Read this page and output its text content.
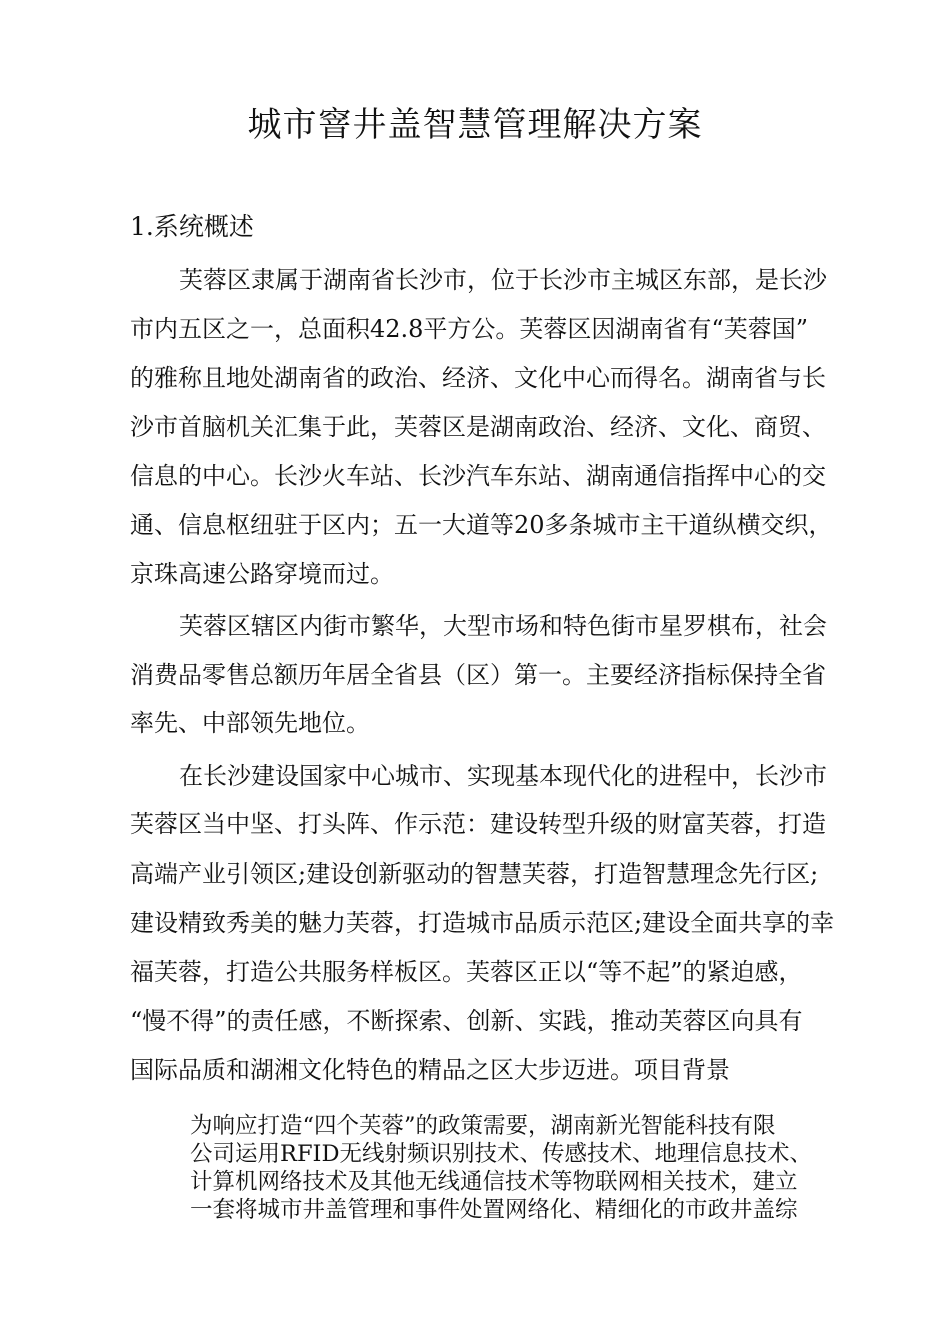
城市窨井盖智慧管理解决方案
1.系统概述
芙蓉区隶属于湖南省长沙市，位于长沙市主城区东部，是长沙
市内五区之一，总面积42.8平方公。芙蓉区因湖南省有“芙蓉国”
的雅称且地处湖南省的政治、经济、文化中心而得名。湖南省与长
沙市首脑机关汇集于此，芙蓉区是湖南政治、经济、文化、商贸、
信息的中心。长沙火车站、长沙汽车东站、湖南通信指挥中心的交
通、信息枢纽驻于区内；五一大道等20多条城市主干道纵横交织，
京珠高速公路穿境而过。
芙蓉区辖区内街市繁华，大型市场和特色街市星罗棋布，社会
消费品零售总额历年居全省县（区）第一。主要经济指标保持全省
率先、中部领先地位。
在长沙建设国家中心城市、实现基本现代化的进程中，长沙市
芙蓉区当中坚、打头阵、作示范：建设转型升级的财富芙蓉，打造
高端产业引领区;建设创新驱动的智慧芙蓉，打造智慧理念先行区;
建设精致秀美的魅力芙蓉，打造城市品质示范区;建设全面共享的幸
福芙蓉，打造公共服务样板区。芙蓉区正以“等不起”的紧迫感，
“慢不得”的责任感，不断探索、创新、实践，推动芙蓉区向具有
国际品质和湖湘文化特色的精品之区大步迈进。项目背景
为响应打造“四个芙蓉”的政策需要，湖南新光智能科技有限
公司运用RFID无线射频识别技术、传感技术、地理信息技术、
计算机网络技术及其他无线通信技术等物联网相关技术，建立
一套将城市井盖管理和事件处置网络化、精细化的市政井盖综
